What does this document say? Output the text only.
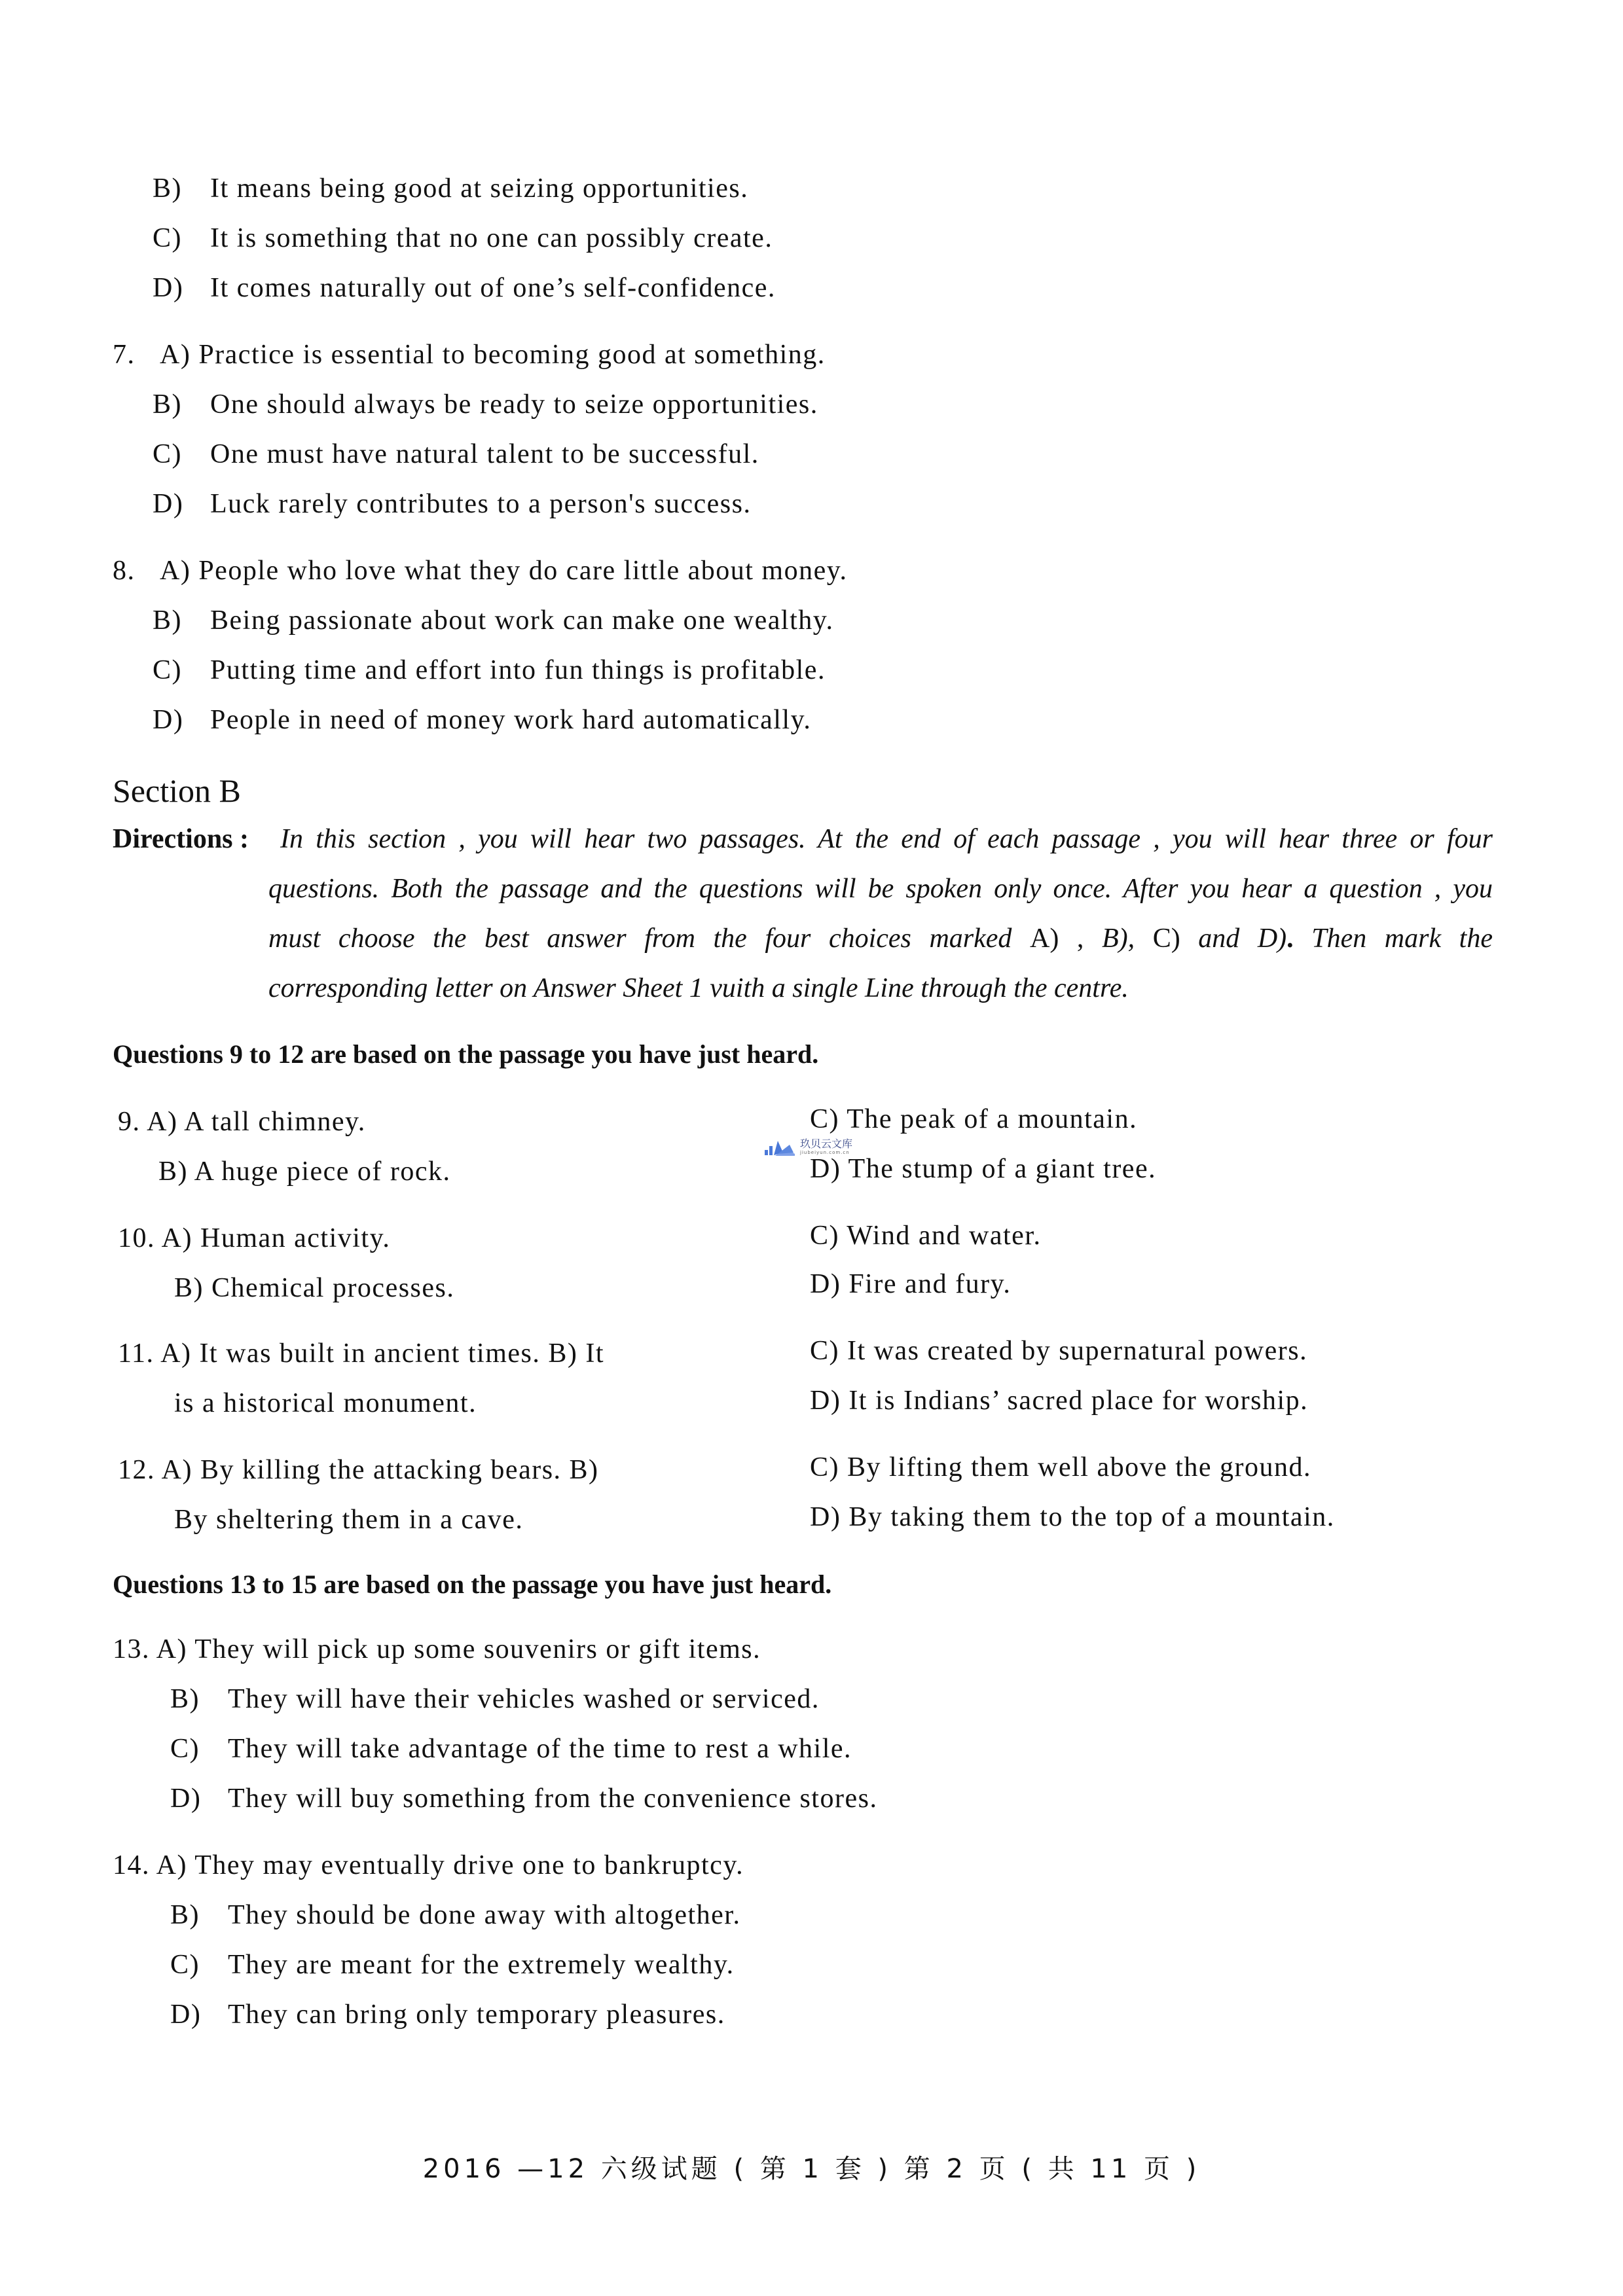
B) It means being good at seizing opportunities.
C) It is something that no one can possibly create.
D) It comes naturally out of one’s self-confidence.
7. A) Practice is essential to becoming good at something.
B) One should always be ready to seize opportunities.
C) One must have natural talent to be successful.
D) Luck rarely contributes to a person's success.
8. A) People who love what they do care little about money.
B) Being passionate about work can make one wealthy.
C) Putting time and effort into fun things is profitable.
D) People in need of money work hard automatically.
Section B
Directions : In this section , you will hear two passages. At the end of each passage , you will hear three or four
questions. Both the passage and the questions will be spoken only once. After you hear a question , you
must choose the best answer from the four choices marked A) , B), C) and D). Then mark the
corresponding letter on Answer Sheet 1 vuith a single Line through the centre.
Questions 9 to 12 are based on the passage you have just heard.
9. A) A tall chimney.
B) A huge piece of rock.
C) The peak of a mountain.
D) The stump of a giant tree.
玖贝云文库
jiubeiyun.com.cn
10. A) Human activity.
B) Chemical processes.
C) Wind and water.
D) Fire and fury.
11. A) It was built in ancient times. B) It
is a historical monument.
C) It was created by supernatural powers.
D) It is Indians’ sacred place for worship.
12. A) By killing the attacking bears. B)
By sheltering them in a cave.
C) By lifting them well above the ground.
D) By taking them to the top of a mountain.
Questions 13 to 15 are based on the passage you have just heard.
13. A) They will pick up some souvenirs or gift items.
B) They will have their vehicles washed or serviced.
C) They will take advantage of the time to rest a while.
D) They will buy something from the convenience stores.
14. A) They may eventually drive one to bankruptcy.
B) They should be done away with altogether.
C) They are meant for the extremely wealthy.
D) They can bring only temporary pleasures.
2016 —12 六级试题 ( 第 1 套 ) 第 2 页 ( 共 11 页 )
